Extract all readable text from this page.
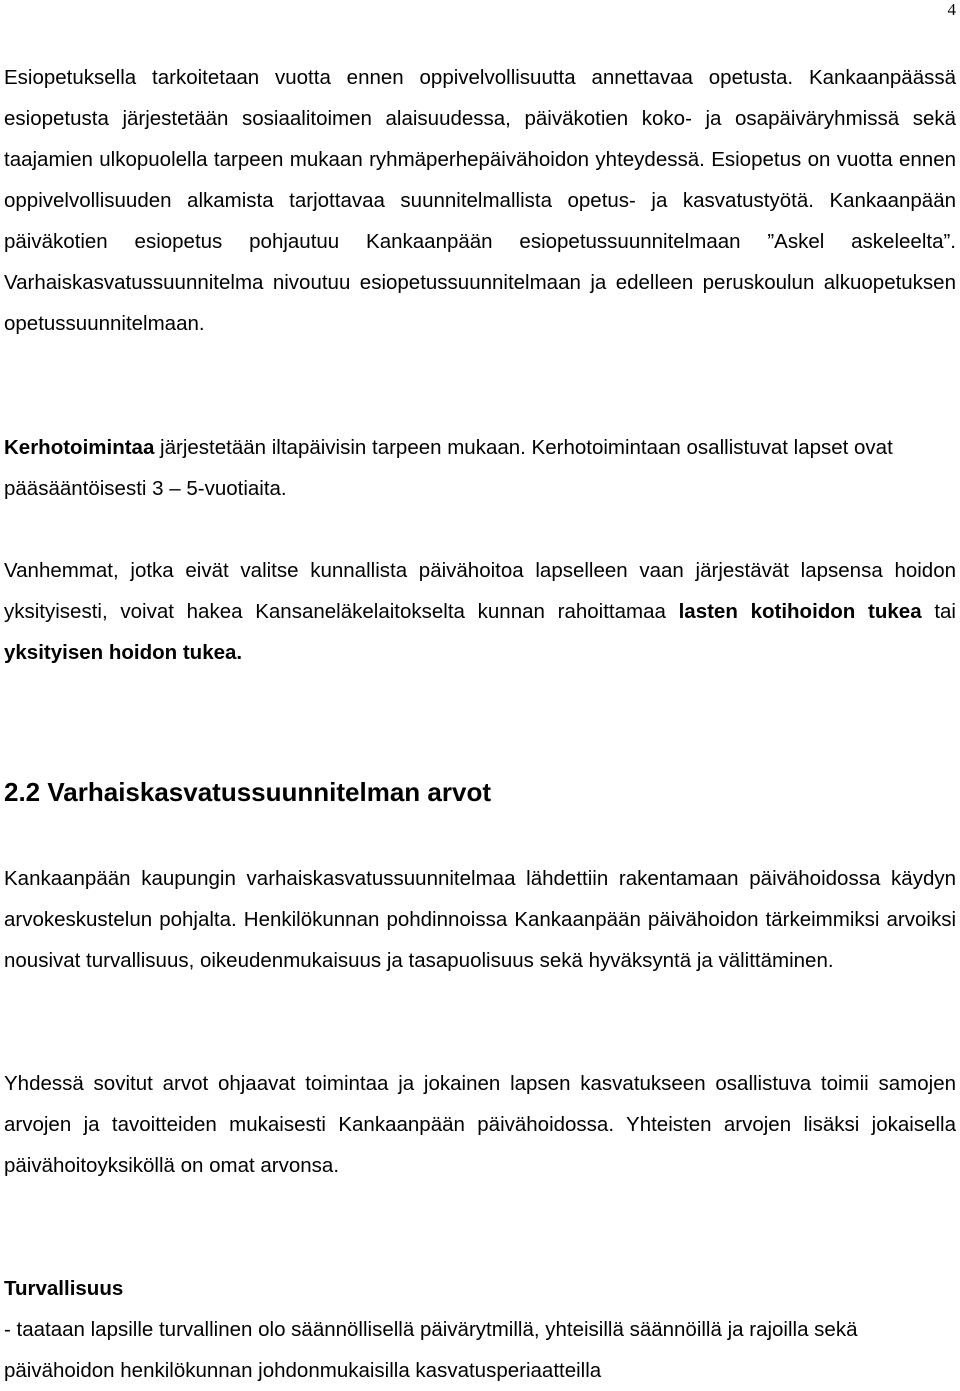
4
Esiopetuksella tarkoitetaan vuotta ennen oppivelvollisuutta annettavaa opetusta. Kankaanpäässä esiopetusta järjestetään sosiaalitoimen alaisuudessa, päiväkotien koko- ja osapäiväryhmissä sekä taajamien ulkopuolella tarpeen mukaan ryhmäperhepäivähoidon yhteydessä. Esiopetus on vuotta ennen oppivelvollisuuden alkamista tarjottavaa suunnitelmallista opetus- ja kasvatustyötä. Kankaanpään päiväkotien esiopetus pohjautuu Kankaanpään esiopetussuunnitelmaan ”Askel askeleelta”. Varhaiskasvatussuunnitelma nivoutuu esiopetussuunnitelmaan ja edelleen peruskoulun alkuopetuksen opetussuunnitelmaan.
Kerhotoimintaa järjestetään iltapäivisin tarpeen mukaan. Kerhotoimintaan osallistuvat lapset ovat pääsääntöisesti 3 – 5-vuotiaita.
Vanhemmat, jotka eivät valitse kunnallista päivähoitoa lapselleen vaan järjestävät lapsensa hoidon yksityisesti, voivat hakea Kansaneläkelaitokselta kunnan rahoittamaa lasten kotihoidon tukea tai yksityisen hoidon tukea.
2.2 Varhaiskasvatussuunnitelman arvot
Kankaanpään kaupungin varhaiskasvatussuunnitelmaa lähdettiin rakentamaan päivähoidossa käydyn arvokeskustelun pohjalta. Henkilökunnan pohdinnoissa Kankaanpään päivähoidon tärkeimmiksi arvoiksi nousivat turvallisuus, oikeudenmukaisuus ja tasapuolisuus sekä hyväksyntä ja välittäminen.
Yhdessä sovitut arvot ohjaavat toimintaa ja jokainen lapsen kasvatukseen osallistuva toimii samojen arvojen ja tavoitteiden mukaisesti Kankaanpään päivähoidossa. Yhteisten arvojen lisäksi jokaisella päivähoitoyksiköllä on omat arvonsa.
Turvallisuus
- taataan lapsille turvallinen olo säännöllisellä päivärytmillä, yhteisillä säännöillä ja rajoilla sekä päivähoidon henkilökunnan johdonmukaisilla kasvatusperiaatteilla
